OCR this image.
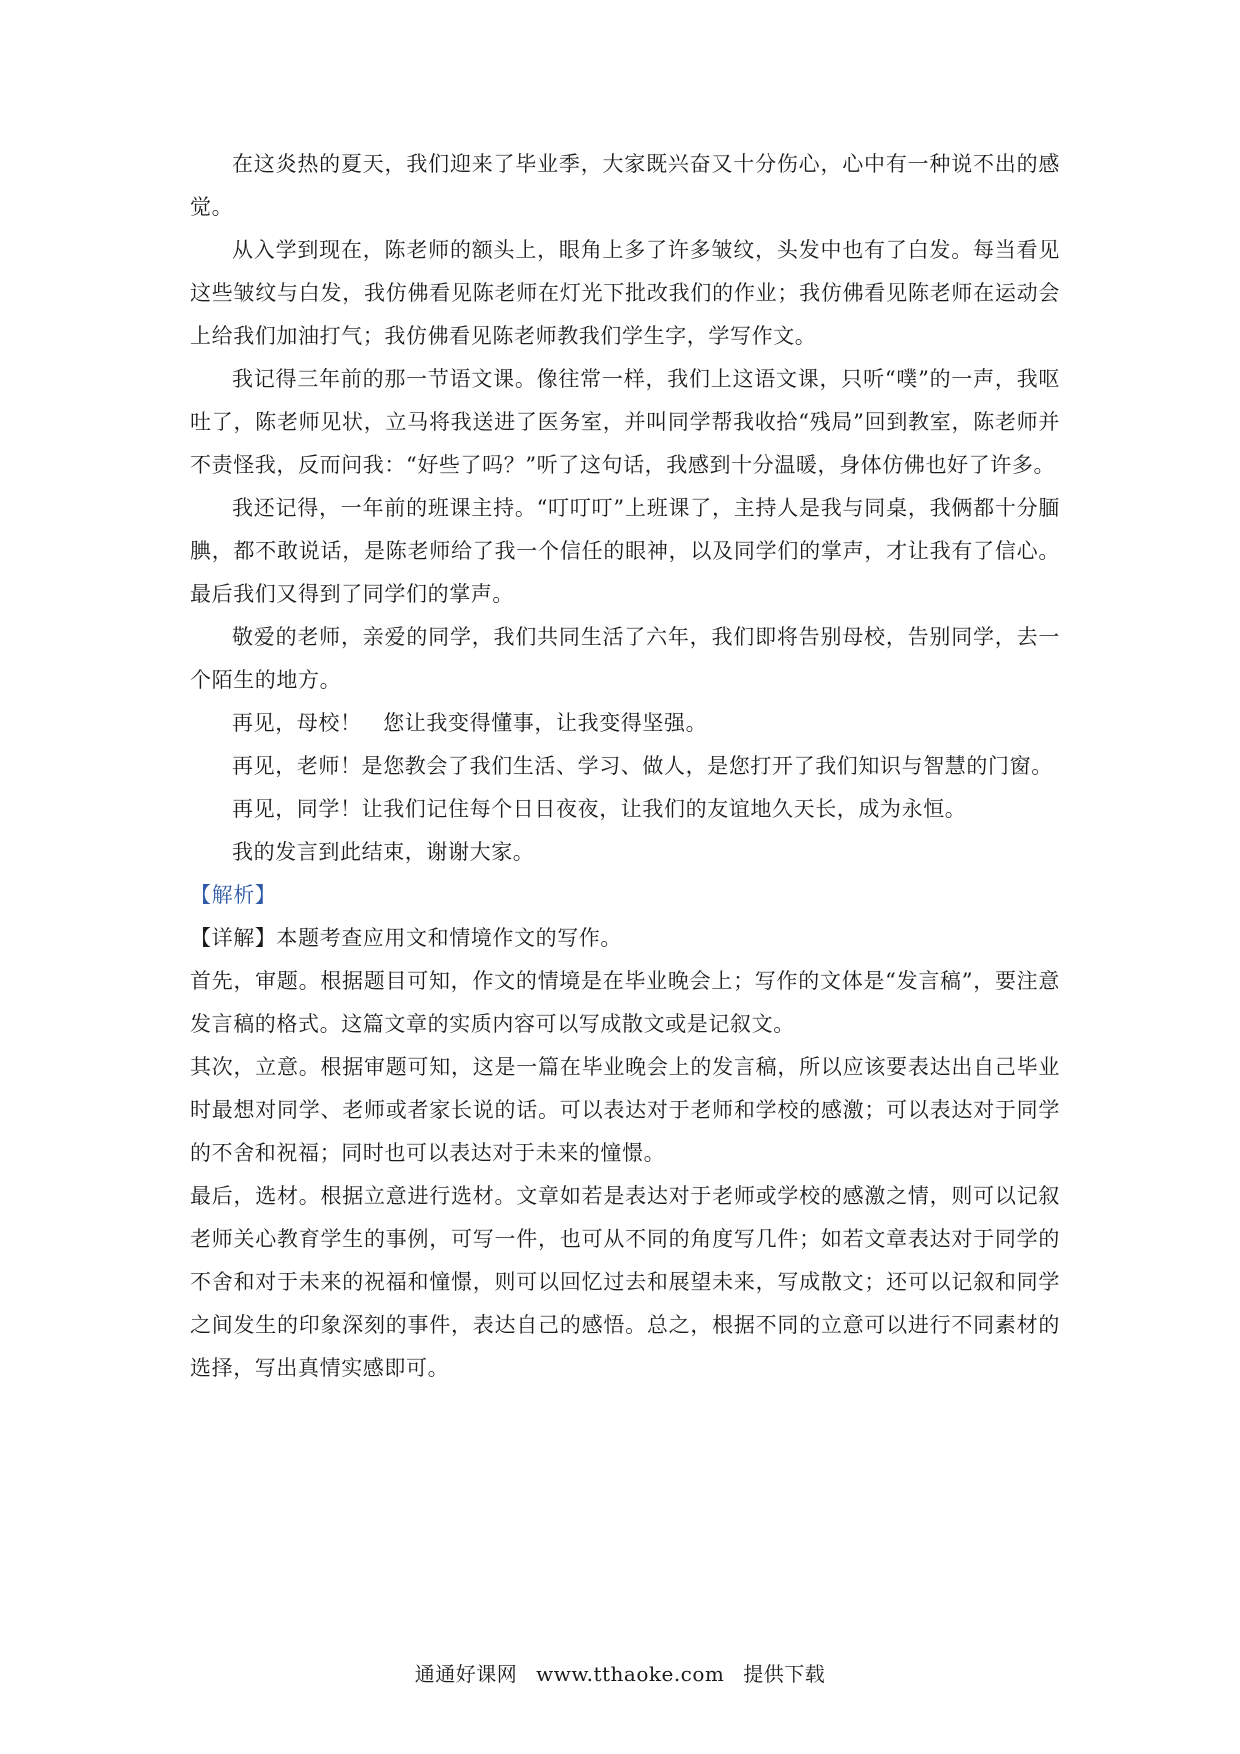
在这炎热的夏天，我们迎来了毕业季，大家既兴奋又十分伤心，心中有一种说不出的感觉。

从入学到现在，陈老师的额头上，眼角上多了许多皱纹，头发中也有了白发。每当看见这些皱纹与白发，我仿佛看见陈老师在灯光下批改我们的作业；我仿佛看见陈老师在运动会上给我们加油打气；我仿佛看见陈老师教我们学生字，学写作文。

我记得三年前的那一节语文课。像往常一样，我们上这语文课，只听“噗”的一声，我呕吐了，陈老师见状，立马将我送进了医务室，并叫同学帮我收拾“残局”回到教室，陈老师并不责怪我，反而问我：“好些了吗？”听了这句话，我感到十分温暖，身体仿佛也好了许多。

我还记得，一年前的班课主持。“叮叮叮”上班课了，主持人是我与同桌，我俩都十分腼腆，都不敢说话，是陈老师给了我一个信任的眼神，以及同学们的掌声，才让我有了信心。最后我们又得到了同学们的掌声。

敬爱的老师，亲爱的同学，我们共同生活了六年，我们即将告别母校，告别同学，去一个陌生的地方。

再见，母校！　您让我变得懂事，让我变得坚强。

再见，老师！是您教会了我们生活、学习、做人，是您打开了我们知识与智慧的门窗。

再见，同学！让我们记住每个日日夜夜，让我们的友谊地久天长，成为永恒。

我的发言到此结束，谢谢大家。

【解析】

【详解】本题考查应用文和情境作文的写作。

首先，审题。根据题目可知，作文的情境是在毕业晚会上；写作的文体是“发言稿”，要注意发言稿的格式。这篇文章的实质内容可以写成散文或是记叙文。

其次，立意。根据审题可知，这是一篇在毕业晚会上的发言稿，所以应该要表达出自己毕业时最想对同学、老师或者家长说的话。可以表达对于老师和学校的感激；可以表达对于同学的不舍和祝福；同时也可以表达对于未来的憧憬。

最后，选材。根据立意进行选材。文章如若是表达对于老师或学校的感激之情，则可以记叙老师关心教育学生的事例，可写一件，也可从不同的角度写几件；如若文章表达对于同学的不舍和对于未来的祝福和憧憬，则可以回忆过去和展望未来，写成散文；还可以记叙和同学之间发生的印象深刻的事件，表达自己的感悟。总之，根据不同的立意可以进行不同素材的选择，写出真情实感即可。

通通好课网 www.tthaoke.com 提供下载
